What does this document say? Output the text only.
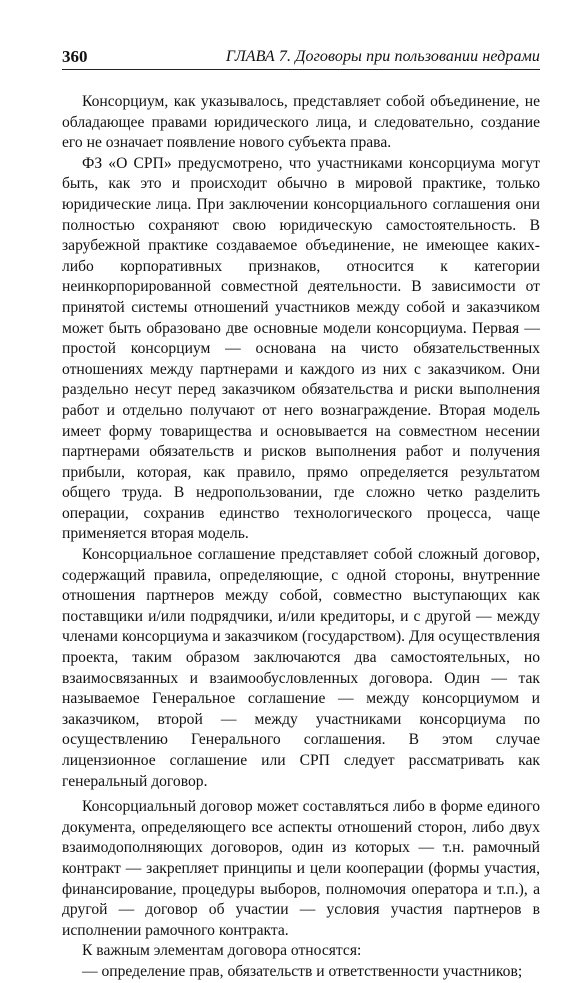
360	ГЛАВА 7. Договоры при пользовании недрами

Консорциум, как указывалось, представляет собой объединение, не обладающее правами юридического лица, и следовательно, создание его не означает появление нового субъекта права.

ФЗ «О СРП» предусмотрено, что участниками консорциума могут быть, как это и происходит обычно в мировой практике, только юридические лица. При заключении консорциального соглашения они полностью сохраняют свою юридическую самостоятельность. В зарубежной практике создаваемое объединение, не имеющее каких-либо корпоративных признаков, относится к категории неинкорпорированной совместной деятельности. В зависимости от принятой системы отношений участников между собой и заказчиком может быть образовано две основные модели консорциума. Первая — простой консорциум — основана на чисто обязательственных отношениях между партнерами и каждого из них с заказчиком. Они раздельно несут перед заказчиком обязательства и риски выполнения работ и отдельно получают от него вознаграждение. Вторая модель имеет форму товарищества и основывается на совместном несении партнерами обязательств и рисков выполнения работ и получения прибыли, которая, как правило, прямо определяется результатом общего труда. В недропользовании, где сложно четко разделить операции, сохранив единство технологического процесса, чаще применяется вторая модель.

Консорциальное соглашение представляет собой сложный договор, содержащий правила, определяющие, с одной стороны, внутренние отношения партнеров между собой, совместно выступающих как поставщики и/или подрядчики, и/или кредиторы, и с другой — между членами консорциума и заказчиком (государством). Для осуществления проекта, таким образом заключаются два самостоятельных, но взаимосвязанных и взаимообусловленных договора. Один — так называемое Генеральное соглашение — между консорциумом и заказчиком, второй — между участниками консорциума по осуществлению Генерального соглашения. В этом случае лицензионное соглашение или СРП следует рассматривать как генеральный договор.

Консорциальный договор может составляться либо в форме единого документа, определяющего все аспекты отношений сторон, либо двух взаимодополняющих договоров, один из которых — т.н. рамочный контракт — закрепляет принципы и цели кооперации (формы участия, финансирование, процедуры выборов, полномочия оператора и т.п.), а другой — договор об участии — условия участия партнеров в исполнении рамочного контракта.

К важным элементам договора относятся:

— определение прав, обязательств и ответственности участников;
